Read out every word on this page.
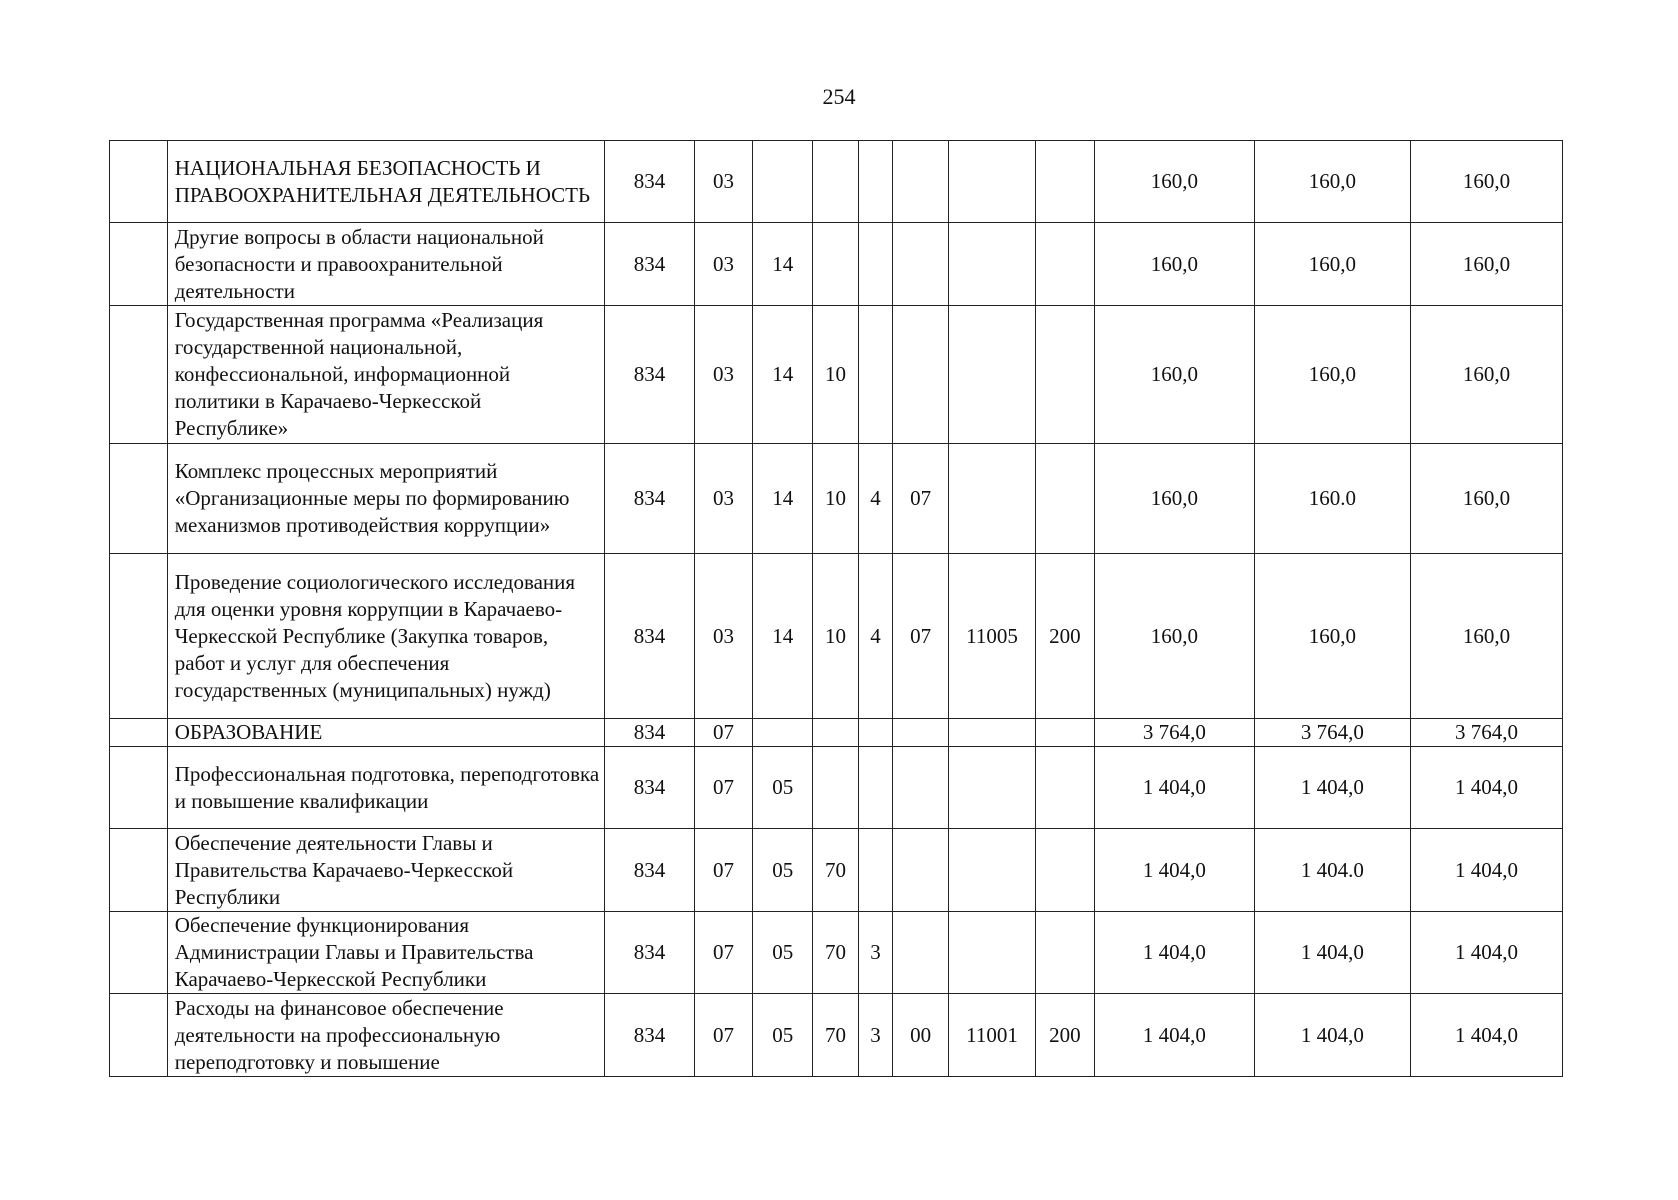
254
	НАЦИОНАЛЬНАЯ БЕЗОПАСНОСТЬ И ПРАВООХРАНИТЕЛЬНАЯ ДЕЯТЕЛЬНОСТЬ	834	03							160,0	160,0	160,0
	Другие вопросы в области национальной безопасности и правоохранительной деятельности	834	03	14						160,0	160,0	160,0
	Государственная программа «Реализация государственной национальной, конфессиональной, информационной политики в Карачаево-Черкесской Республике»	834	03	14	10					160,0	160,0	160,0
	Комплекс процессных мероприятий «Организационные меры по формированию механизмов противодействия коррупции»	834	03	14	10	4	07			160,0	160.0	160,0
	Проведение социологического исследования для оценки уровня коррупции в Карачаево-Черкесской Республике (Закупка товаров, работ и услуг для обеспечения государственных (муниципальных) нужд)	834	03	14	10	4	07	11005	200	160,0	160,0	160,0
	ОБРАЗОВАНИЕ	834	07							3 764,0	3 764,0	3 764,0
	Профессиональная подготовка, переподготовка и повышение квалификации	834	07	05						1 404,0	1 404,0	1 404,0
	Обеспечение деятельности Главы и Правительства Карачаево-Черкесской Республики	834	07	05	70					1 404,0	1 404.0	1 404,0
	Обеспечение функционирования Администрации Главы и Правительства Карачаево-Черкесской Республики	834	07	05	70	3				1 404,0	1 404,0	1 404,0
	Расходы на финансовое обеспечение деятельности на профессиональную переподготовку и повышение	834	07	05	70	3	00	11001	200	1 404,0	1 404,0	1 404,0
